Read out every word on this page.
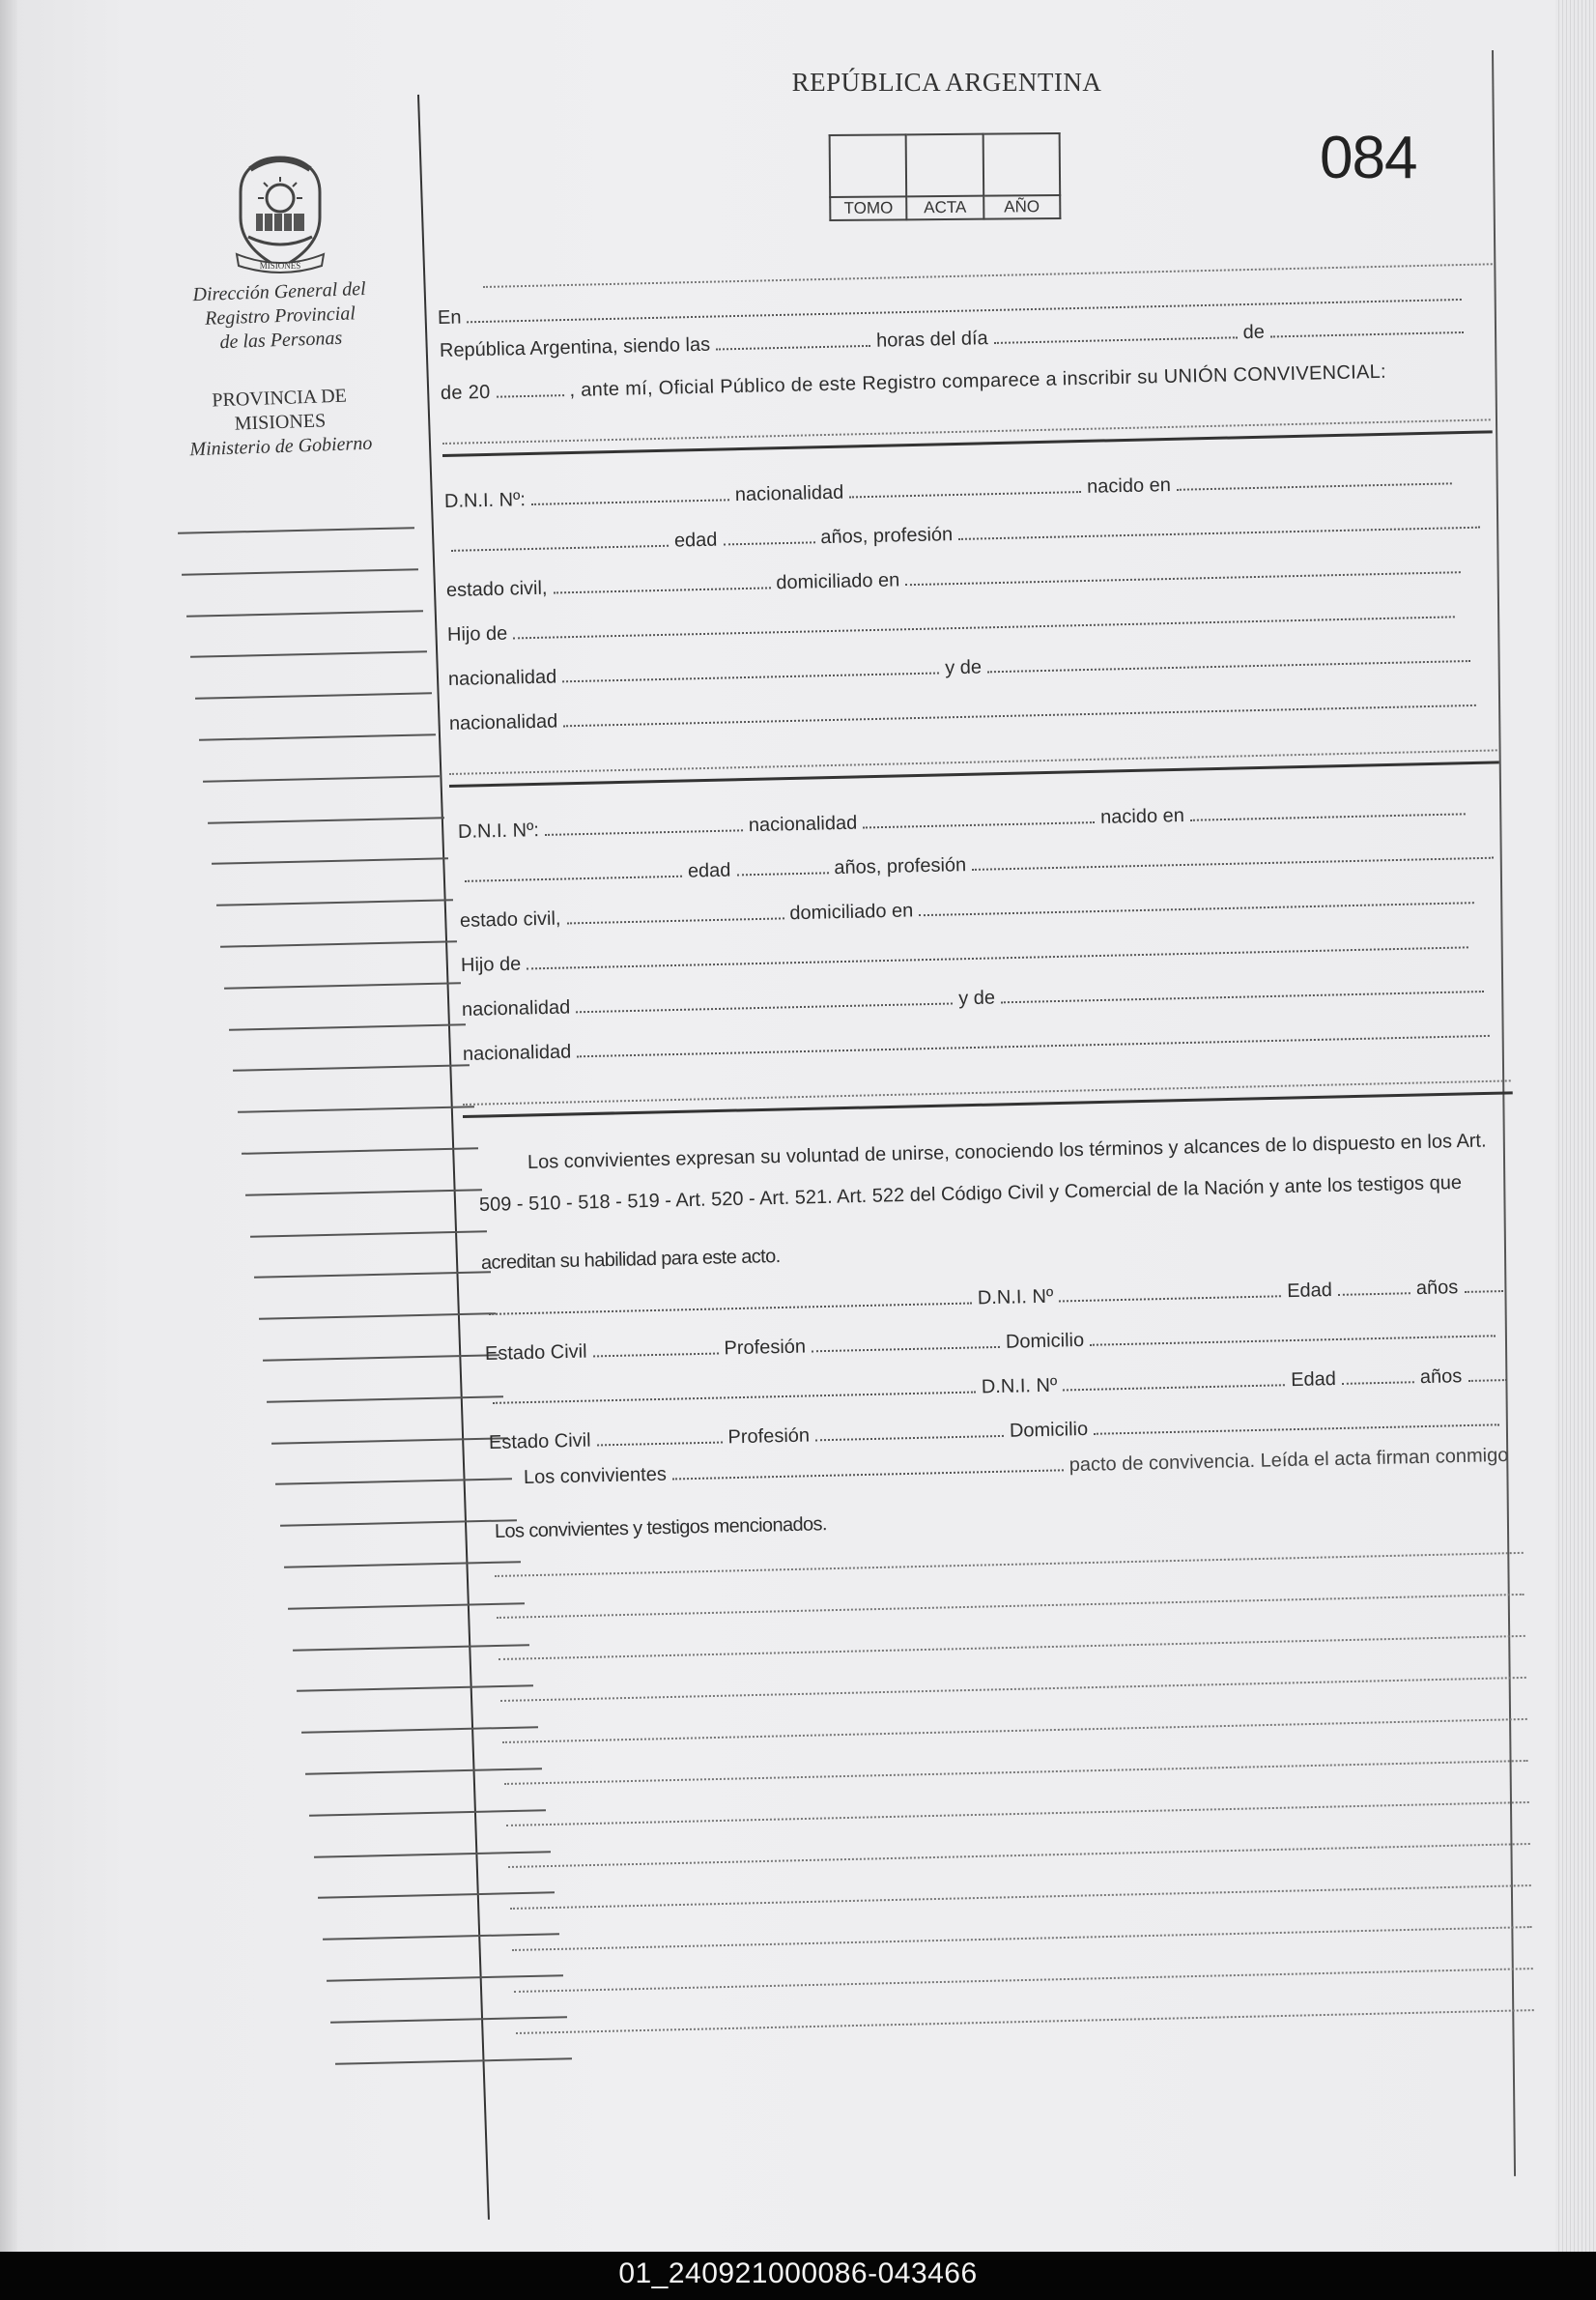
REPÚBLICA ARGENTINA

TOMO	ACTA	AÑO
084
MISIONES
Dirección General del
Registro Provincial
de las Personas
PROVINCIA DE
MISIONES
Ministerio de Gobierno
En
República Argentina, siendo las	horas del día	de
de 20	, ante mí, Oficial Público de este Registro comparece a inscribir su UNIÓN CONVIVENCIAL:
D.N.I. Nº:	nacionalidad	nacido en
edad	años, profesión
estado civil,	domiciliado en
Hijo de
nacionalidad	y de
nacionalidad
D.N.I. Nº:	nacionalidad	nacido en
edad	años, profesión
estado civil,	domiciliado en
Hijo de
nacionalidad	y de
nacionalidad
Los convivientes expresan su voluntad de unirse, conociendo los términos y alcances de lo dispuesto en los Art.
509 - 510 - 518 - 519 - Art. 520 - Art. 521. Art. 522 del Código Civil y Comercial de la Nación y ante los testigos que
acreditan su habilidad para este acto.
D.N.I. Nº	Edad	años
Estado Civil	Profesión	Domicilio
D.N.I. Nº	Edad	años
Estado Civil	Profesión	Domicilio
Los convivientespacto de convivencia. Leída el acta firman conmigo
Los convivientes y testigos mencionados.
01_240921000086-043466
